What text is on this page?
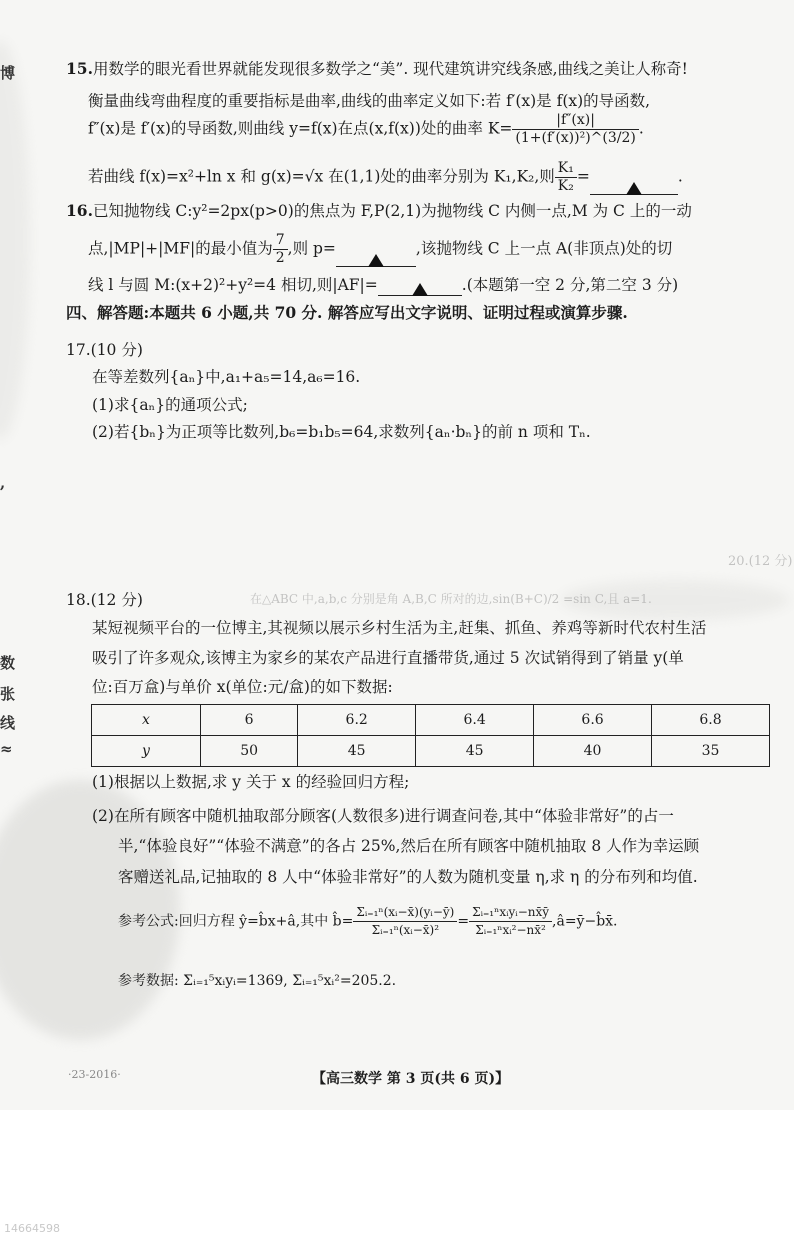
博
,
数
张
线
≈
15.用数学的眼光看世界就能发现很多数学之“美”. 现代建筑讲究线条感,曲线之美让人称奇!
衡量曲线弯曲程度的重要指标是曲率,曲线的曲率定义如下:若 f′(x)是 f(x)的导函数,
f″(x)是 f′(x)的导函数,则曲线 y=f(x)在点(x,f(x))处的曲率 $K= \frac{|f''(x)|}{\text{(1+(f′(x))²)\textasciicircum{}(3/2)}}$ .
若曲线 f(x)=x²+ln x 和 g(x)=√x 在(1,1)处的曲率分别为 K₁,K₂,则 $\frac{\text{K₁}}{\text{K₂}}$ =	.
16.已知抛物线 C:y²=2px(p>0)的焦点为 F,P(2,1)为抛物线 C 内侧一点,M 为 C 上的一动
点,|MP|+|MF|的最小值为 $\frac{7}{2}$ ,则 p=	,该抛物线 C 上一点 A(非顶点)处的切
线 l 与圆 M:(x+2)²+y²=4 相切,则|AF|=	.(本题第一空 2 分,第二空 3 分)
四、解答题:本题共 6 小题,共 70 分. 解答应写出文字说明、证明过程或演算步骤.
17.(10 分)
在等差数列{aₙ}中,a₁+a₅=14,a₆=16.
(1)求{aₙ}的通项公式;
(2)若{bₙ}为正项等比数列,b₆=b₁b₅=64,求数列{aₙ·bₙ}的前 n 项和 Tₙ.
20.(12 分)
在△ABC 中,a,b,c 分别是角 A,B,C 所对的边,sin(B+C)/2 =sin C,且 a=1.
18.(12 分)
某短视频平台的一位博主,其视频以展示乡村生活为主,赶集、抓鱼、养鸡等新时代农村生活
吸引了许多观众,该博主为家乡的某农产品进行直播带货,通过 5 次试销得到了销量 y(单
位:百万盒)与单价 x(单位:元/盒)的如下数据:
x	6	6.2	6.4	6.6	6.8
y	50	45	45	40	35
(1)根据以上数据,求 y 关于 x 的经验回归方程;
(2)在所有顾客中随机抽取部分顾客(人数很多)进行调查问卷,其中“体验非常好”的占一
半,“体验良好”“体验不满意”的各占 25%,然后在所有顾客中随机抽取 8 人作为幸运顾
客赠送礼品,记抽取的 8 人中“体验非常好”的人数为随机变量 η,求 η 的分布列和均值.
参考公式:回归方程 ŷ=b̂x+â,其中 b̂= $\frac{\text{Σᵢ₌₁ⁿ(xᵢ−x̄)(yᵢ−ȳ)}}{\text{Σᵢ₌₁ⁿ(xᵢ−x̄)²}} = \frac{\text{Σᵢ₌₁ⁿxᵢyᵢ−nx̄ȳ}}{\text{Σᵢ₌₁ⁿxᵢ²−nx̄²}}$ ,â=ȳ−b̂x̄.
参考数据: Σᵢ₌₁⁵xᵢyᵢ=1369, Σᵢ₌₁⁵xᵢ²=205.2.
·23-2016·	【高三数学 第 3 页(共 6 页)】
14664598
